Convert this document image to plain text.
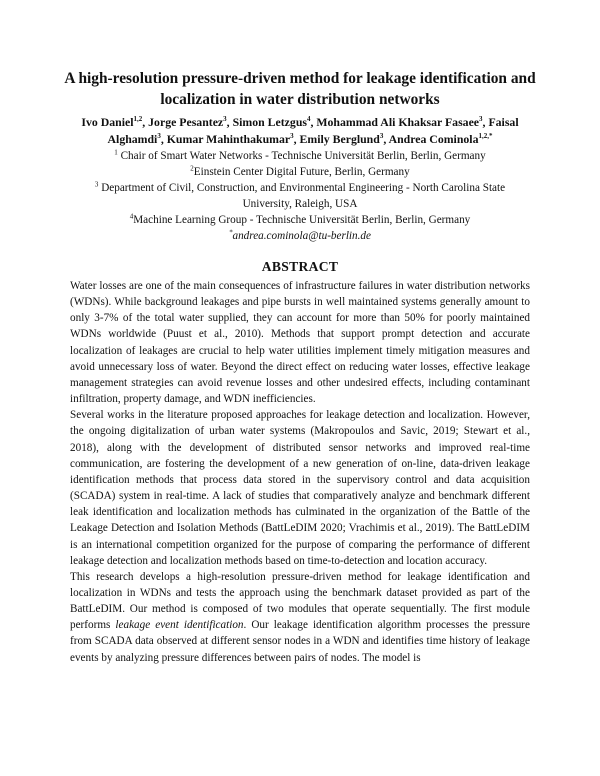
A high-resolution pressure-driven method for leakage identification and localization in water distribution networks
Ivo Daniel$^{1,2}$, Jorge Pesantez$^3$, Simon Letzgus$^4$, Mohammad Ali Khaksar Fasaee$^3$, Faisal Alghamdi$^3$, Kumar Mahinthakumar$^3$, Emily Berglund$^3$, Andrea Cominola$^{1,2,*}$
$^1$ Chair of Smart Water Networks - Technische Universität Berlin, Berlin, Germany
$^2$Einstein Center Digital Future, Berlin, Germany
$^3$ Department of Civil, Construction, and Environmental Engineering - North Carolina State University, Raleigh, USA
$^4$Machine Learning Group - Technische Universität Berlin, Berlin, Germany
*andrea.cominola@tu-berlin.de
ABSTRACT

Water losses are one of the main consequences of infrastructure failures in water distribution networks (WDNs). While background leakages and pipe bursts in well maintained systems generally amount to only 3-7% of the total water supplied, they can account for more than 50% for poorly maintained WDNs worldwide (Puust et al., 2010). Methods that support prompt detection and accurate localization of leakages are crucial to help water utilities implement timely mitigation measures and avoid unnecessary loss of water. Beyond the direct effect on reducing water losses, effective leakage management strategies can avoid revenue losses and other undesired effects, including contaminant infiltration, property damage, and WDN inefficiencies.

Several works in the literature proposed approaches for leakage detection and localization. However, the ongoing digitalization of urban water systems (Makropoulos and Savic, 2019; Stewart et al., 2018), along with the development of distributed sensor networks and improved real-time communication, are fostering the development of a new generation of on-line, data-driven leakage identification methods that process data stored in the supervisory control and data acquisition (SCADA) system in real-time. A lack of studies that comparatively analyze and benchmark different leak identification and localization methods has culminated in the organization of the Battle of the Leakage Detection and Isolation Methods (BattLeDIM 2020; Vrachimis et al., 2019). The BattLeDIM is an international competition organized for the purpose of comparing the performance of different leakage detection and localization methods based on time-to-detection and location accuracy.

This research develops a high-resolution pressure-driven method for leakage identification and localization in WDNs and tests the approach using the benchmark dataset provided as part of the BattLeDIM. Our method is composed of two modules that operate sequentially. The first module performs leakage event identification. Our leakage identification algorithm processes the pressure from SCADA data observed at different sensor nodes in a WDN and identifies time history of leakage events by analyzing pressure differences between pairs of nodes. The model is
